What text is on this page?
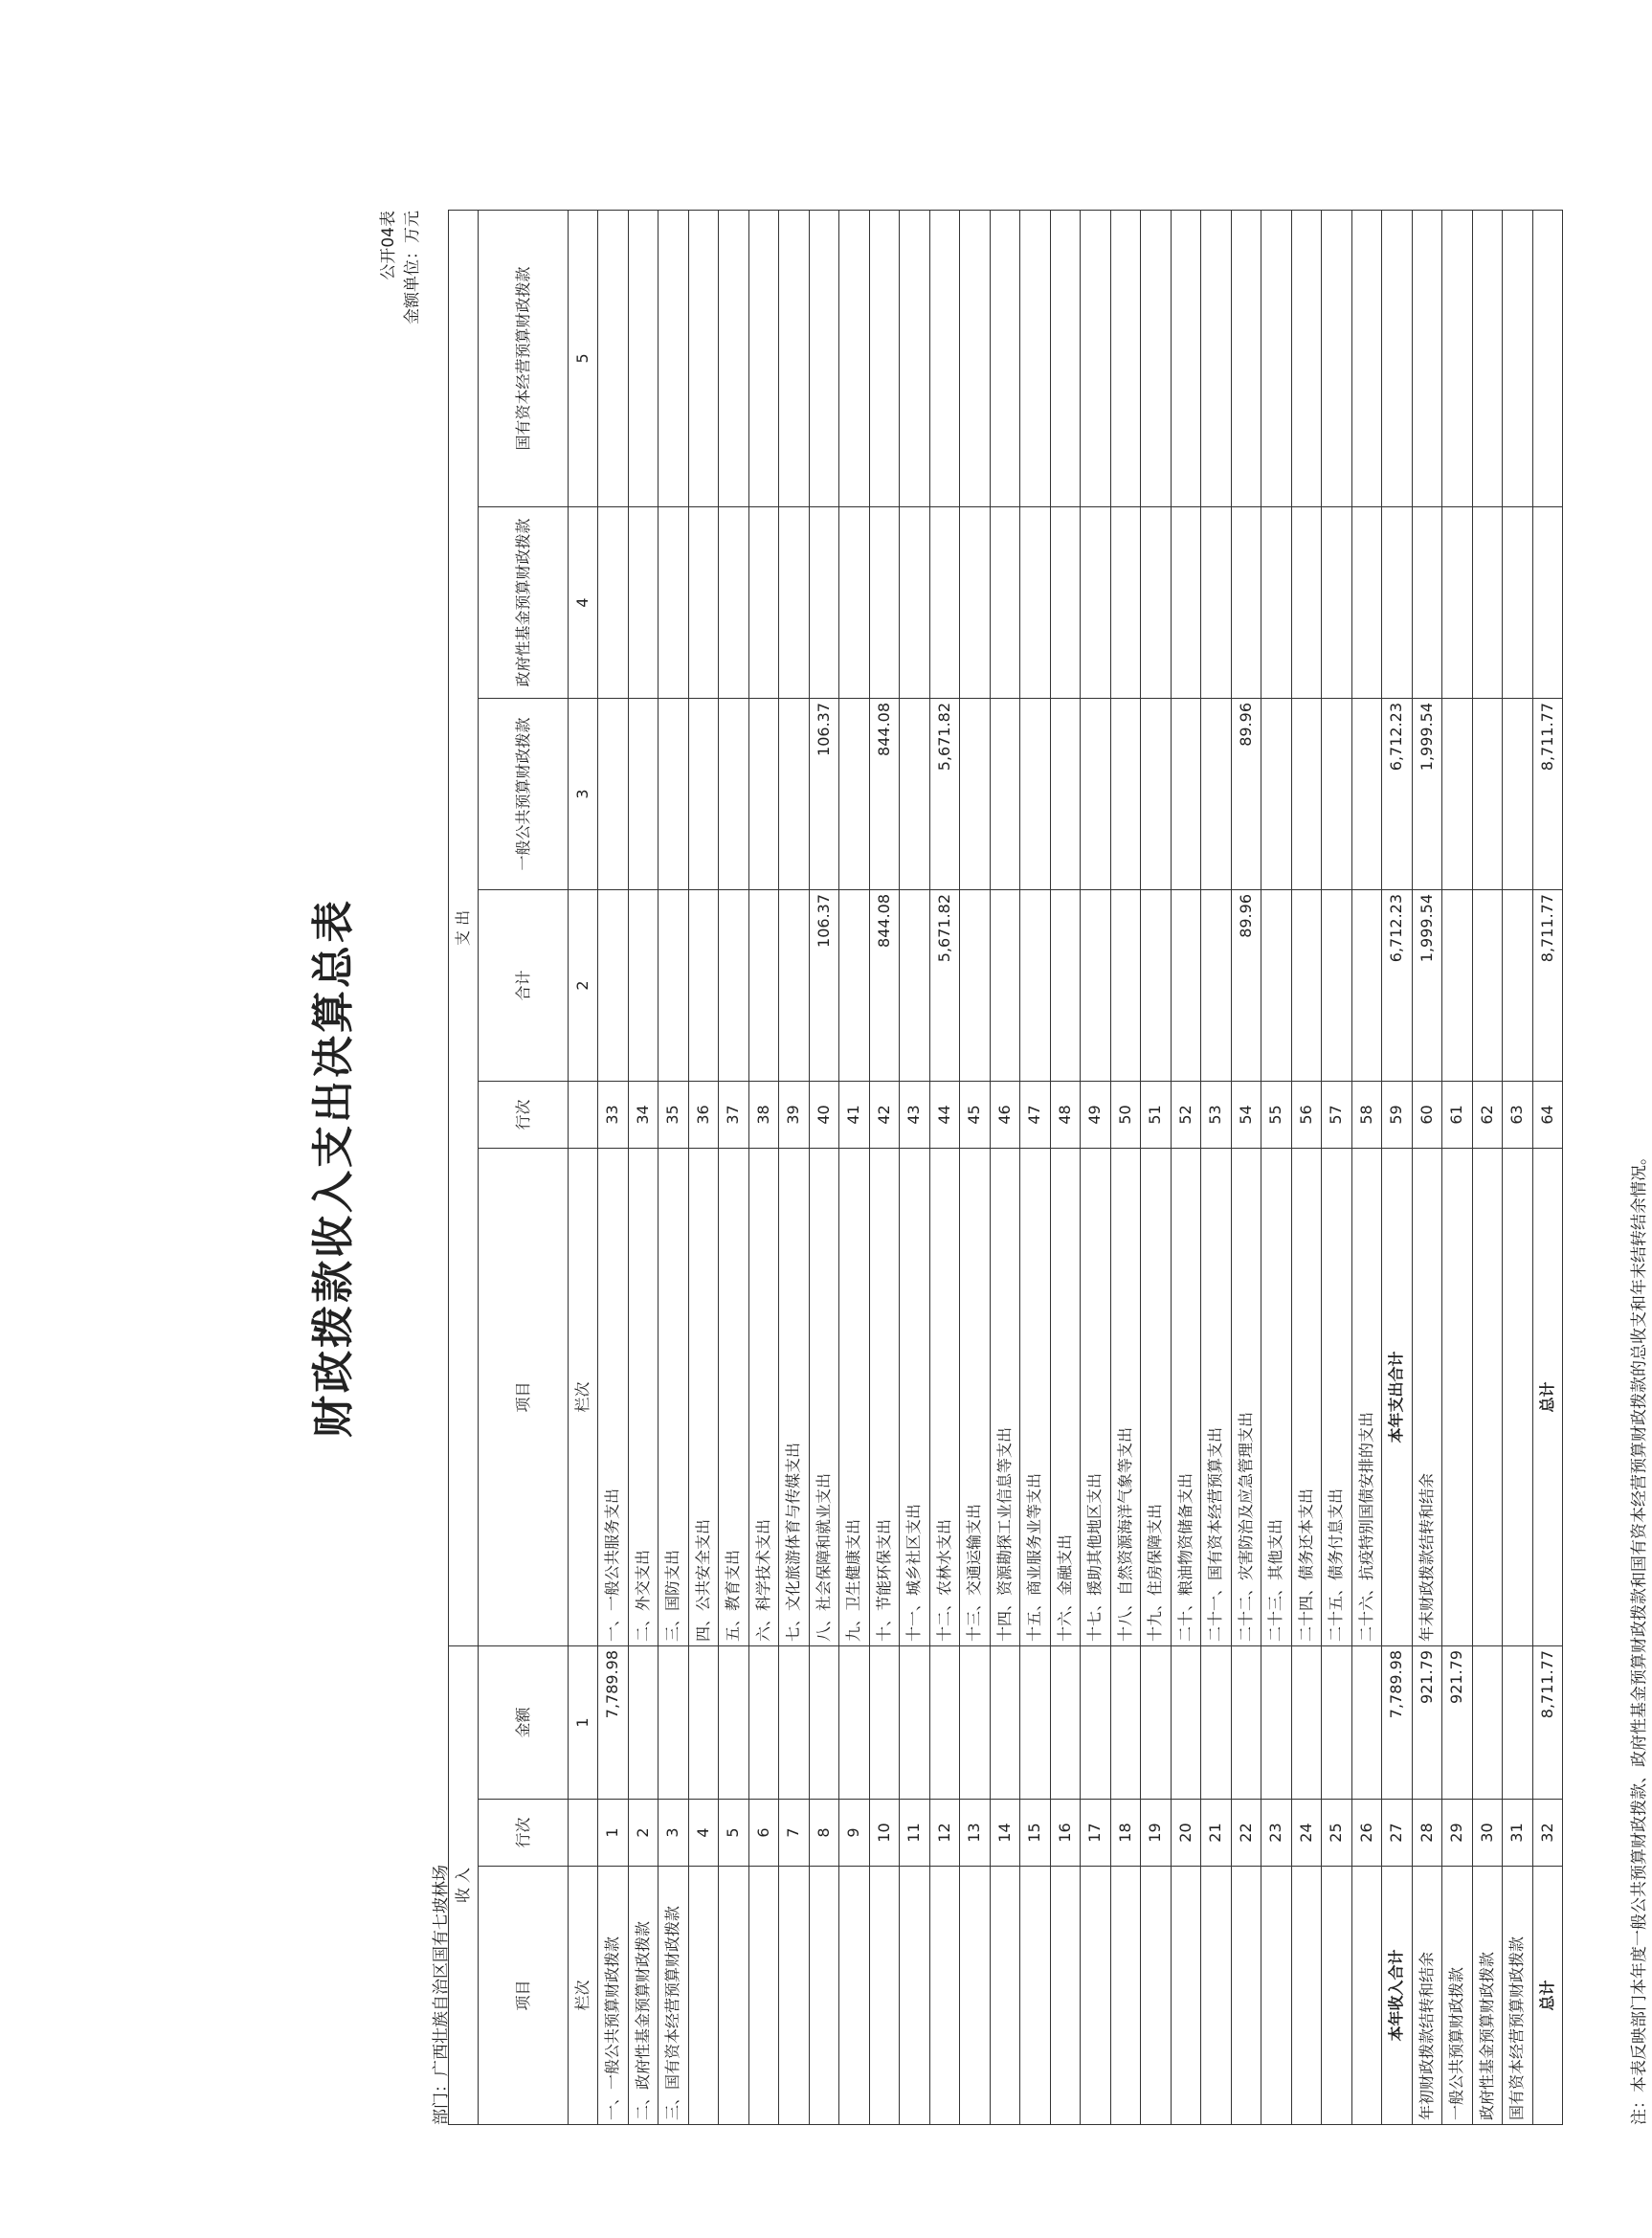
财政拨款收入支出决算总表
公开04表 金额单位：万元
部门：广西壮族自治区国有七坡林场 收 入			支 出					
项目	行次	金额	项目	行次	合计	一般公共预算财政拨款	政府性基金预算财政拨款	国有资本经营预算财政拨款
栏次		1	栏次		2	3	4	5
一、一般公共预算财政拨款	1	7,789.98	一、一般公共服务支出	33				
二、政府性基金预算财政拨款	2		二、外交支出	34				
三、国有资本经营预算财政拨款	3		三、国防支出	35				
	4		四、公共安全支出	36				
	5		五、教育支出	37				
	6		六、科学技术支出	38				
	7		七、文化旅游体育与传媒支出	39				
	8		八、社会保障和就业支出	40	106.37	106.37		
	9		九、卫生健康支出	41				
	10		十、节能环保支出	42	844.08	844.08		
	11		十一、城乡社区支出	43				
	12		十二、农林水支出	44	5,671.82	5,671.82		
	13		十三、交通运输支出	45				
	14		十四、资源勘探工业信息等支出	46				
	15		十五、商业服务业等支出	47				
	16		十六、金融支出	48				
	17		十七、援助其他地区支出	49				
	18		十八、自然资源海洋气象等支出	50				
	19		十九、住房保障支出	51				
	20		二十、粮油物资储备支出	52				
	21		二十一、国有资本经营预算支出	53				
	22		二十二、灾害防治及应急管理支出	54	89.96	89.96		
	23		二十三、其他支出	55				
	24		二十四、债务还本支出	56				
	25		二十五、债务付息支出	57				
	26		二十六、抗疫特别国债安排的支出	58				
本年收入合计	27	7,789.98	本年支出合计	59	6,712.23	6,712.23		
年初财政拨款结转和结余	28	921.79	年末财政拨款结转和结余	60	1,999.54	1,999.54		
一般公共预算财政拨款	29	921.79		61				
政府性基金预算财政拨款	30			62				
国有资本经营预算财政拨款	31			63				
总计	32	8,711.77	总计	64	8,711.77	8,711.77		
注：本表反映部门本年度一般公共预算财政拨款、政府性基金预算财政拨款和国有资本经营预算财政拨款的总收支和年末结转结余情况。
